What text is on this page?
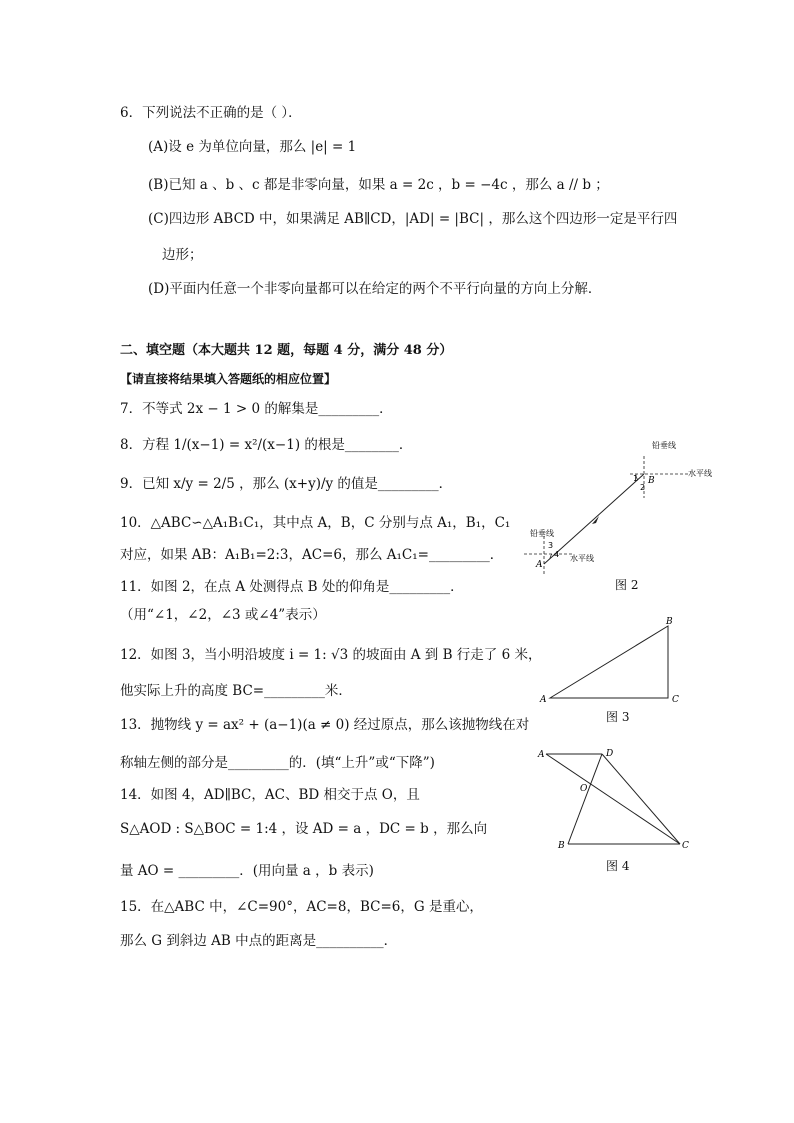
6．下列说法不正确的是（ ）．
(A)设 e 为单位向量，那么 |e| = 1
(B)已知 a 、b 、c 都是非零向量，如果 a = 2c ，b = −4c ，那么 a // b ；
(C)四边形 ABCD 中，如果满足 AB∥CD，|AD| = |BC| ，那么这个四边形一定是平行四
边形；
(D)平面内任意一个非零向量都可以在给定的两个不平行向量的方向上分解．
二、填空题（本大题共 12 题，每题 4 分，满分 48 分）
【请直接将结果填入答题纸的相应位置】
7．不等式 2x − 1 > 0 的解集是_________．
8．方程 1/(x−1) = x²/(x−1) 的根是________．
9．已知 x/y = 2/5 ，那么 (x+y)/y 的值是_________．
10．△ABC∽△A₁B₁C₁，其中点 A，B，C 分别与点 A₁，B₁，C₁
对应，如果 AB：A₁B₁=2:3，AC=6，那么 A₁C₁=_________．
11．如图 2，在点 A 处测得点 B 处的仰角是_________．
（用“∠1，∠2，∠3 或∠4”表示）
12．如图 3，当小明沿坡度 i = 1: √3 的坡面由 A 到 B 行走了 6 米，
他实际上升的高度 BC=_________米．
13．抛物线 y = ax² + (a−1)(a ≠ 0) 经过原点，那么该抛物线在对
称轴左侧的部分是_________的．(填“上升”或“下降”)
14．如图 4，AD∥BC，AC、BD 相交于点 O，且
S△AOD : S△BOC = 1:4 ，设 AD = a ，DC = b ，那么向
量 AO = _________．(用向量 a ，b 表示)
15．在△ABC 中，∠C=90°，AC=8，BC=6，G 是重心，
那么 G 到斜边 AB 中点的距离是__________．
铅垂线
水平线
铅垂线
水平线
B
A
1
2
3
4
图 2
A
B
C
图 3
A	D
O
B	C
图 4
